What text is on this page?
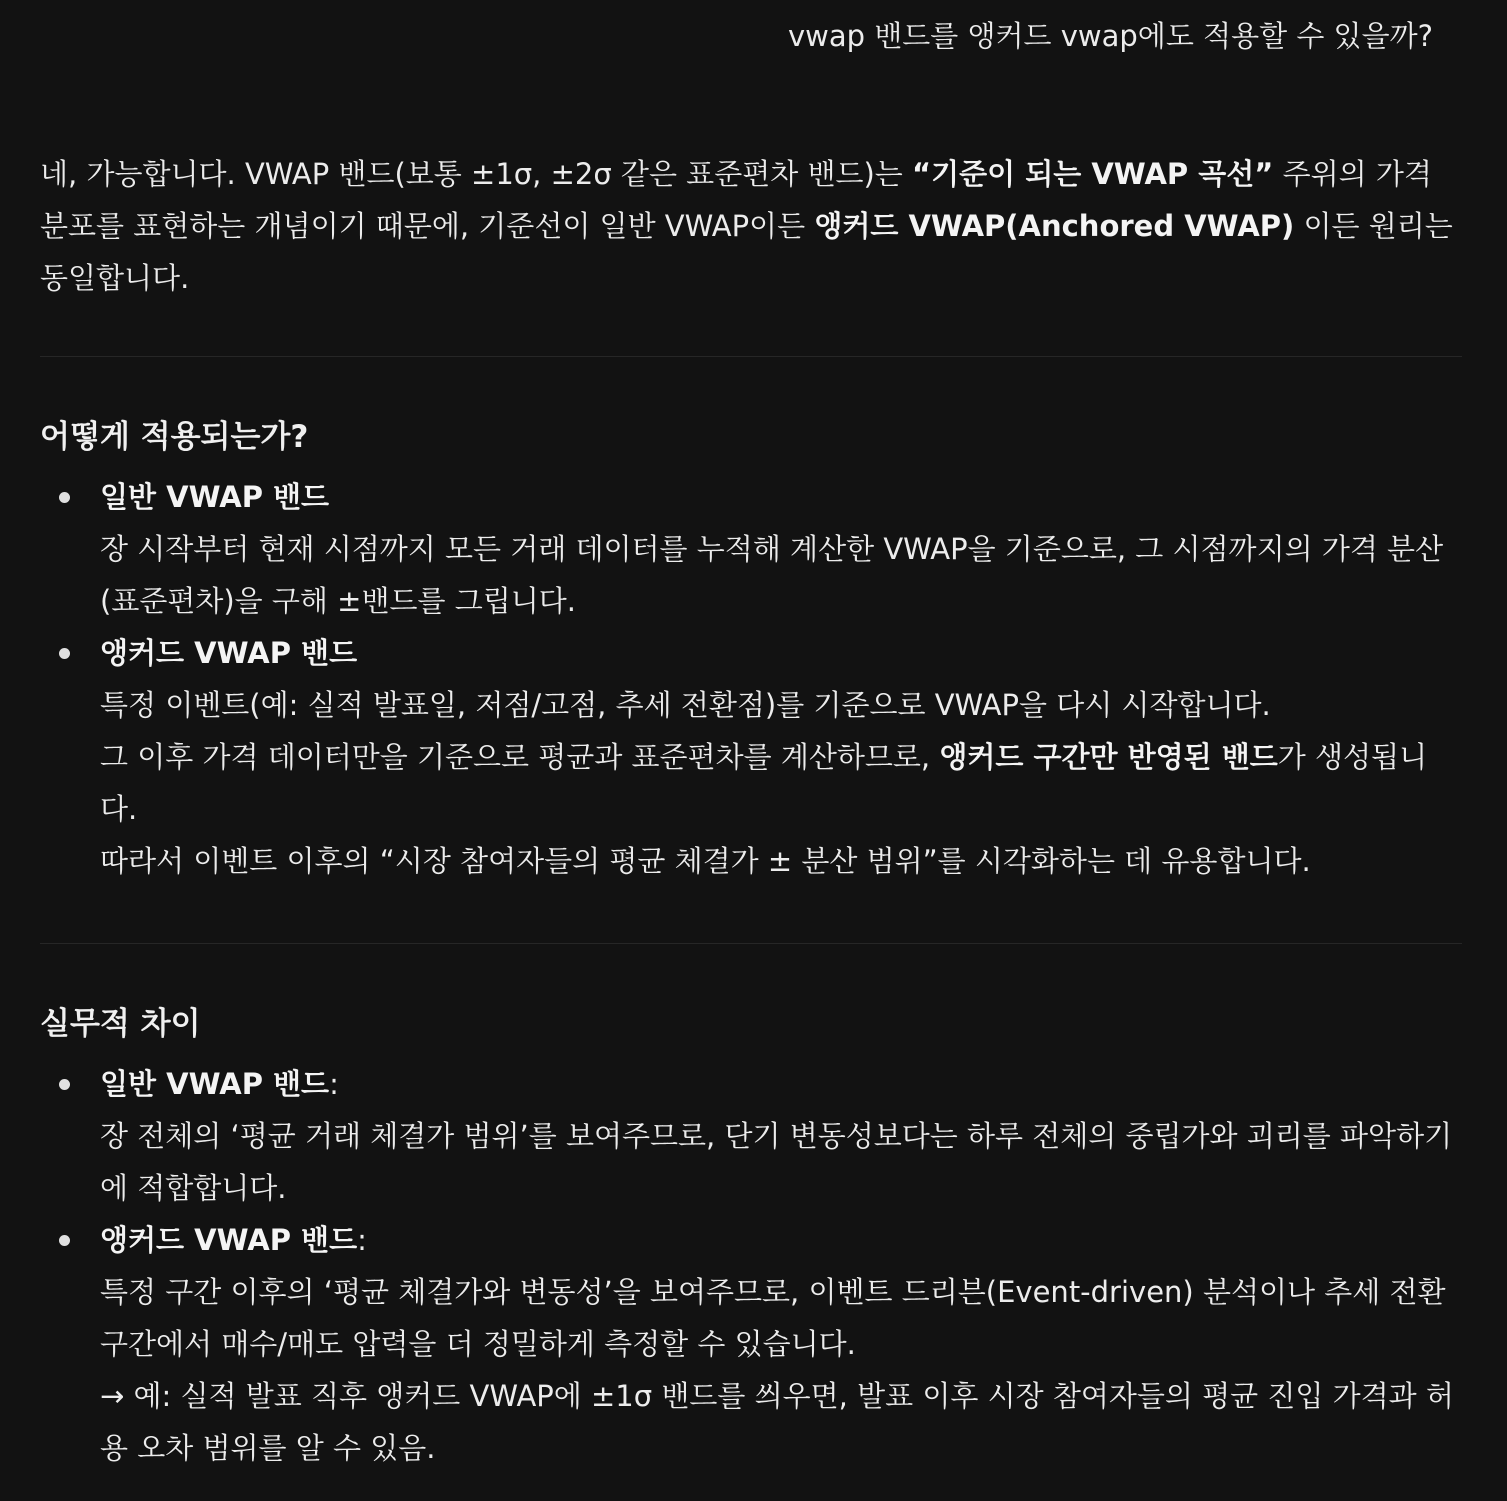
vwap 밴드를 앵커드 vwap에도 적용할 수 있을까?

네, 가능합니다. VWAP 밴드(보통 ±1σ, ±2σ 같은 표준편차 밴드)는 “기준이 되는 VWAP 곡선” 주위의 가격 분포를 표현하는 개념이기 때문에, 기준선이 일반 VWAP이든 앵커드 VWAP(Anchored VWAP) 이든 원리는 동일합니다.

어떻게 적용되는가?
일반 VWAP 밴드
장 시작부터 현재 시점까지 모든 거래 데이터를 누적해 계산한 VWAP을 기준으로, 그 시점까지의 가격 분산(표준편차)을 구해 ±밴드를 그립니다.
앵커드 VWAP 밴드
특정 이벤트(예: 실적 발표일, 저점/고점, 추세 전환점)를 기준으로 VWAP을 다시 시작합니다.
그 이후 가격 데이터만을 기준으로 평균과 표준편차를 계산하므로, 앵커드 구간만 반영된 밴드가 생성됩니다.
따라서 이벤트 이후의 “시장 참여자들의 평균 체결가 ± 분산 범위”를 시각화하는 데 유용합니다.
실무적 차이
일반 VWAP 밴드:
장 전체의 ‘평균 거래 체결가 범위’를 보여주므로, 단기 변동성보다는 하루 전체의 중립가와 괴리를 파악하기에 적합합니다.
앵커드 VWAP 밴드:
특정 구간 이후의 ‘평균 체결가와 변동성’을 보여주므로, 이벤트 드리븐(Event-driven) 분석이나 추세 전환 구간에서 매수/매도 압력을 더 정밀하게 측정할 수 있습니다.
→ 예: 실적 발표 직후 앵커드 VWAP에 ±1σ 밴드를 씌우면, 발표 이후 시장 참여자들의 평균 진입 가격과 허용 오차 범위를 알 수 있음.
